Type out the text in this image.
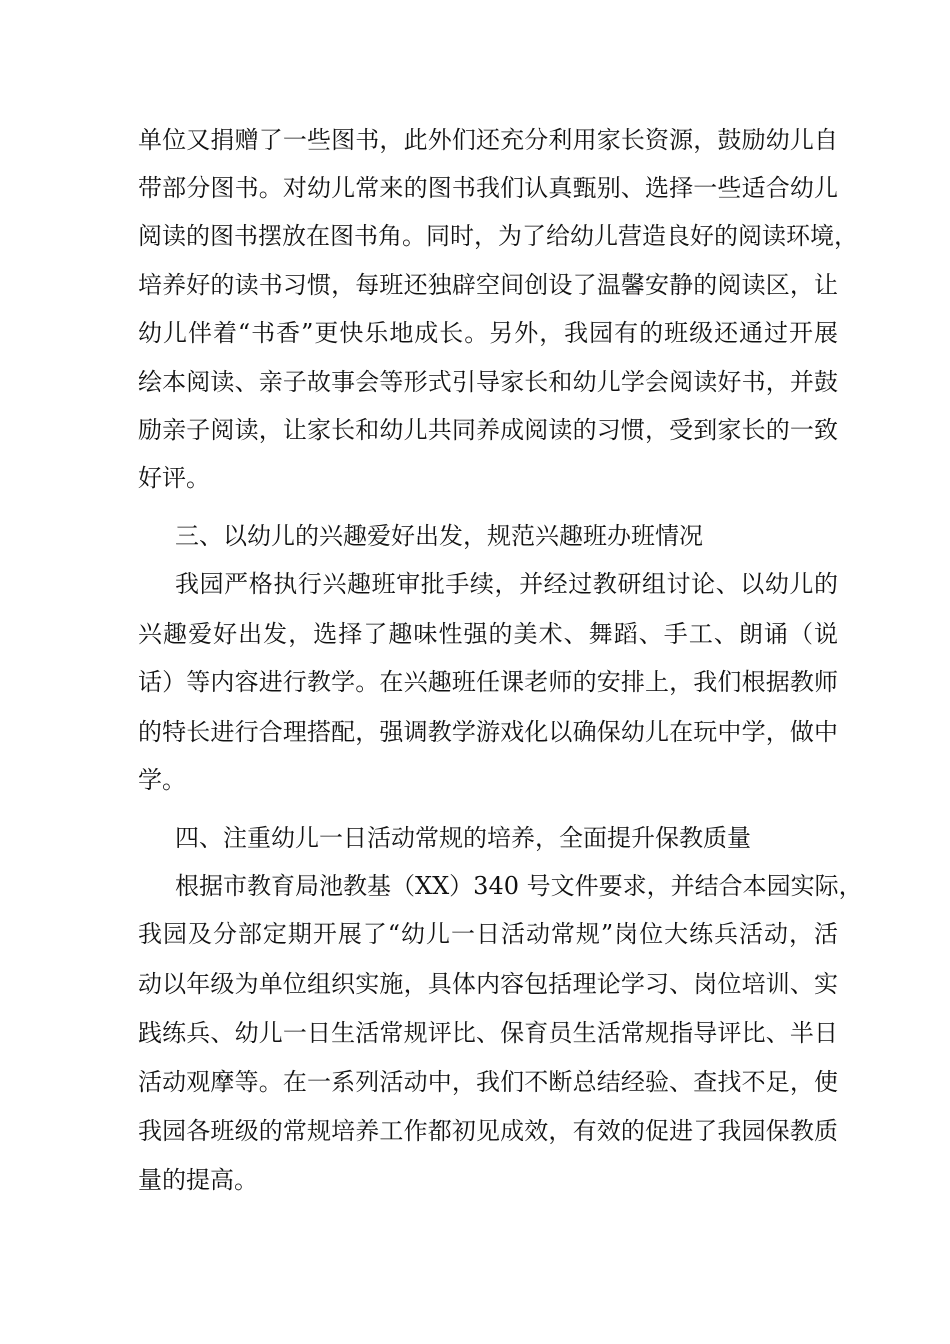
单位又捐赠了一些图书，此外们还充分利用家长资源，鼓励幼儿自
带部分图书。对幼儿常来的图书我们认真甄别、选择一些适合幼儿
阅读的图书摆放在图书角。同时，为了给幼儿营造良好的阅读环境，
培养好的读书习惯，每班还独辟空间创设了温馨安静的阅读区，让
幼儿伴着“书香”更快乐地成长。另外，我园有的班级还通过开展
绘本阅读、亲子故事会等形式引导家长和幼儿学会阅读好书，并鼓
励亲子阅读，让家长和幼儿共同养成阅读的习惯，受到家长的一致
好评。
三、以幼儿的兴趣爱好出发，规范兴趣班办班情况
我园严格执行兴趣班审批手续，并经过教研组讨论、以幼儿的
兴趣爱好出发，选择了趣味性强的美术、舞蹈、手工、朗诵（说
话）等内容进行教学。在兴趣班任课老师的安排上，我们根据教师
的特长进行合理搭配，强调教学游戏化以确保幼儿在玩中学，做中
学。
四、注重幼儿一日活动常规的培养，全面提升保教质量
根据市教育局池教基（XX）340 号文件要求，并结合本园实际，
我园及分部定期开展了“幼儿一日活动常规”岗位大练兵活动，活
动以年级为单位组织实施，具体内容包括理论学习、岗位培训、实
践练兵、幼儿一日生活常规评比、保育员生活常规指导评比、半日
活动观摩等。在一系列活动中，我们不断总结经验、查找不足，使
我园各班级的常规培养工作都初见成效，有效的促进了我园保教质
量的提高。
